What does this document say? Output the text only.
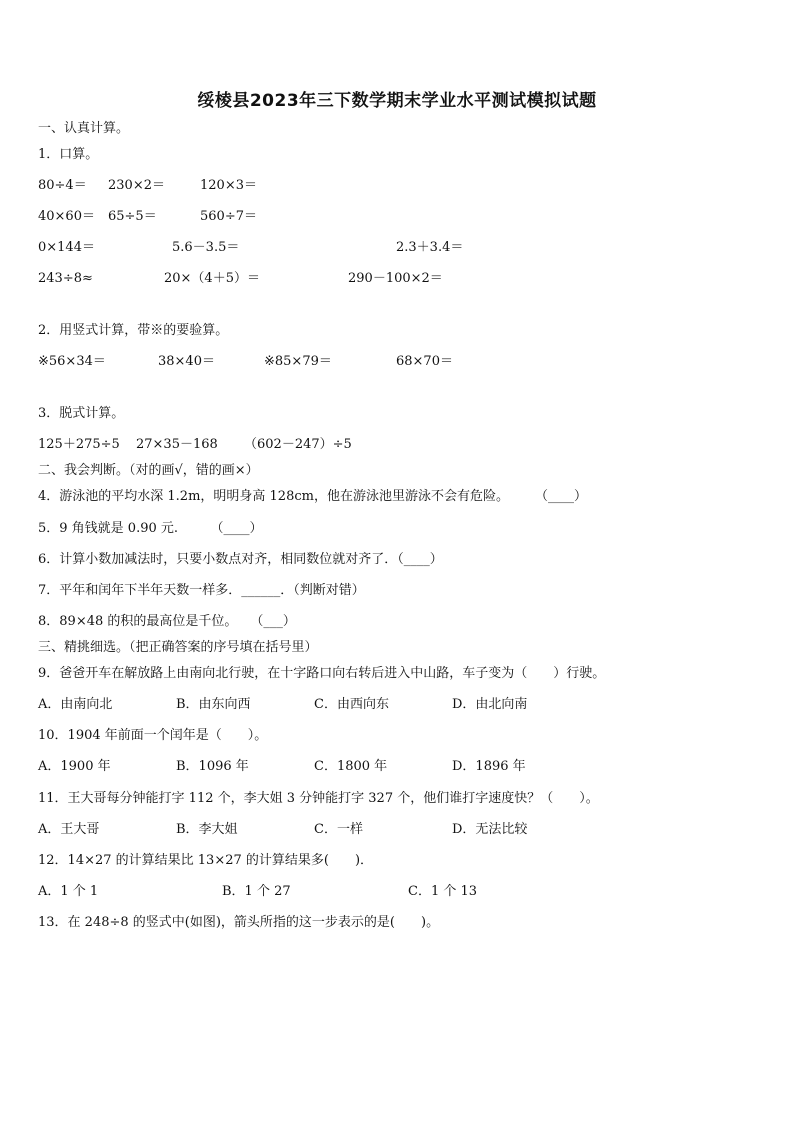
绥棱县2023年三下数学期末学业水平测试模拟试题
一、认真计算。
1．口算。
80÷4＝ 230×2＝	120×3＝
40×60＝ 65÷5＝	560÷7＝
0×144＝	5.6－3.5＝	2.3＋3.4＝
243÷8≈	20×（4＋5）＝	290－100×2＝
2．用竖式计算，带※的要验算。
※56×34＝	38×40＝	※85×79＝	68×70＝
3．脱式计算。
125＋275÷5 27×35－168 （602－247）÷5
二、我会判断。（对的画√，错的画×）
4．游泳池的平均水深 1.2m，明明身高 128cm，他在游泳池里游泳不会有危险。　　　（____）
5．9 角钱就是 0.90 元.　　　（____）
6．计算小数加减法时，只要小数点对齐，相同数位就对齐了．（____）
7．平年和闰年下半年天数一样多．______．（判断对错）
8．89×48 的积的最高位是千位。　　（___）
三、精挑细选。（把正确答案的序号填在括号里）
9．爸爸开车在解放路上由南向北行驶，在十字路口向右转后进入中山路，车子变为（　　）行驶。
A．由南向北	B．由东向西	C．由西向东	D．由北向南
10．1904 年前面一个闰年是（　　）。
A．1900 年	B．1096 年	C．1800 年	D．1896 年
11．王大哥每分钟能打字 112 个，李大姐 3 分钟能打字 327 个，他们谁打字速度快？（　　）。
A．王大哥	B．李大姐	C．一样	D．无法比较
12．14×27 的计算结果比 13×27 的计算结果多(　　)．
A．1 个 1	B．1 个 27	C．1 个 13
13．在 248÷8 的竖式中(如图)，箭头所指的这一步表示的是(　　)。
